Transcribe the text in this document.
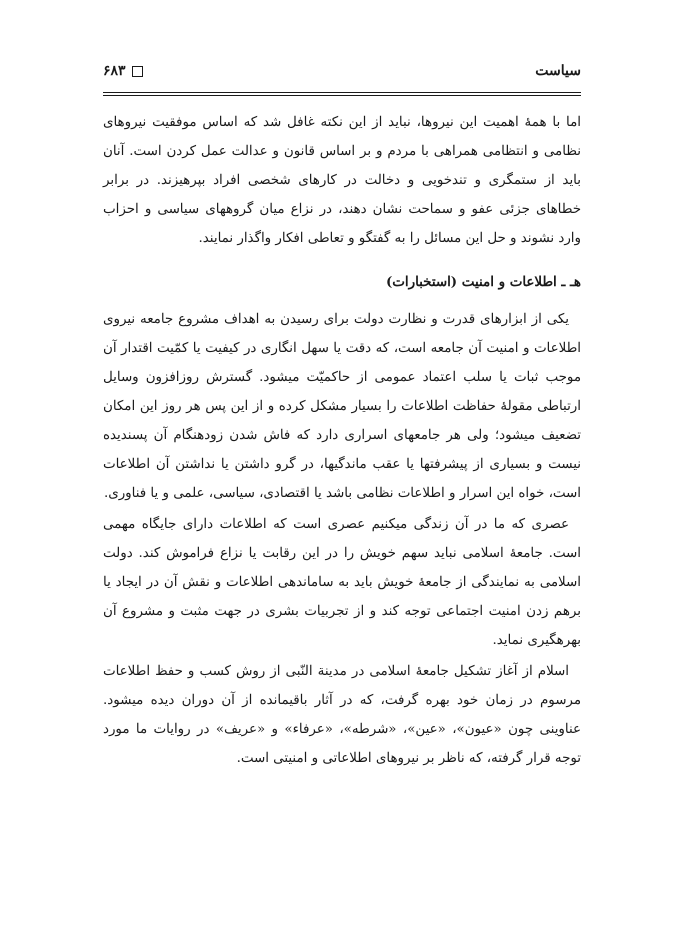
سیاست
۶۸۳

اما با همهٔ اهمیت این نیروها، نباید از این نکته غافل شد که اساس موفقیت نیروهای نظامی و انتظامی همراهی با مردم و بر اساس قانون و عدالت عمل کردن است. آنان باید از ستمگری و تندخویی و دخالت در کارهای شخصی افراد بپرهیزند. در برابر خطاهای جزئی عفو و سماحت نشان دهند، در نزاع میان گروههای سیاسی و احزاب وارد نشوند و حل این مسائل را به گفتگو و تعاطی افکار واگذار نمایند.

هـ ـ اطلاعات و امنیت (استخبارات)

یکی از ابزارهای قدرت و نظارت دولت برای رسیدن به اهداف مشروع جامعه نیروی اطلاعات و امنیت آن جامعه است، که دقت یا سهل انگاری در کیفیت یا کمّیت اقتدار آن موجب ثبات یا سلب اعتماد عمومی از حاکمیّت میشود. گسترش روزافزون وسایل ارتباطی مقولهٔ حفاظت اطلاعات را بسیار مشکل کرده و از این پس هر روز این امکان تضعیف میشود؛ ولی هر جامعهای اسراری دارد که فاش شدن زودهنگام آن پسندیده نیست و بسیاری از پیشرفتها یا عقب ماندگیها، در گرو داشتن یا نداشتن آن اطلاعات است، خواه این اسرار و اطلاعات نظامی باشد یا اقتصادی، سیاسی، علمی و یا فناوری.

عصری که ما در آن زندگی میکنیم عصری است که اطلاعات دارای جایگاه مهمی است. جامعهٔ اسلامی نباید سهم خویش را در این رقابت یا نزاع فراموش کند. دولت اسلامی به نمایندگی از جامعهٔ خویش باید به ساماندهی اطلاعات و نقش آن در ایجاد یا برهم زدن امنیت اجتماعی توجه کند و از تجربیات بشری در جهت مثبت و مشروع آن بهرهگیری نماید.

اسلام از آغاز تشکیل جامعهٔ اسلامی در مدینة النّبی از روش کسب و حفظ اطلاعات مرسوم در زمان خود بهره گرفت، که در آثار باقیمانده از آن دوران دیده میشود. عناوینی چون «عیون»، «عین»، «شرطه»، «عرفاء» و «عریف» در روایات ما مورد توجه قرار گرفته، که ناظر بر نیروهای اطلاعاتی و امنیتی است.
